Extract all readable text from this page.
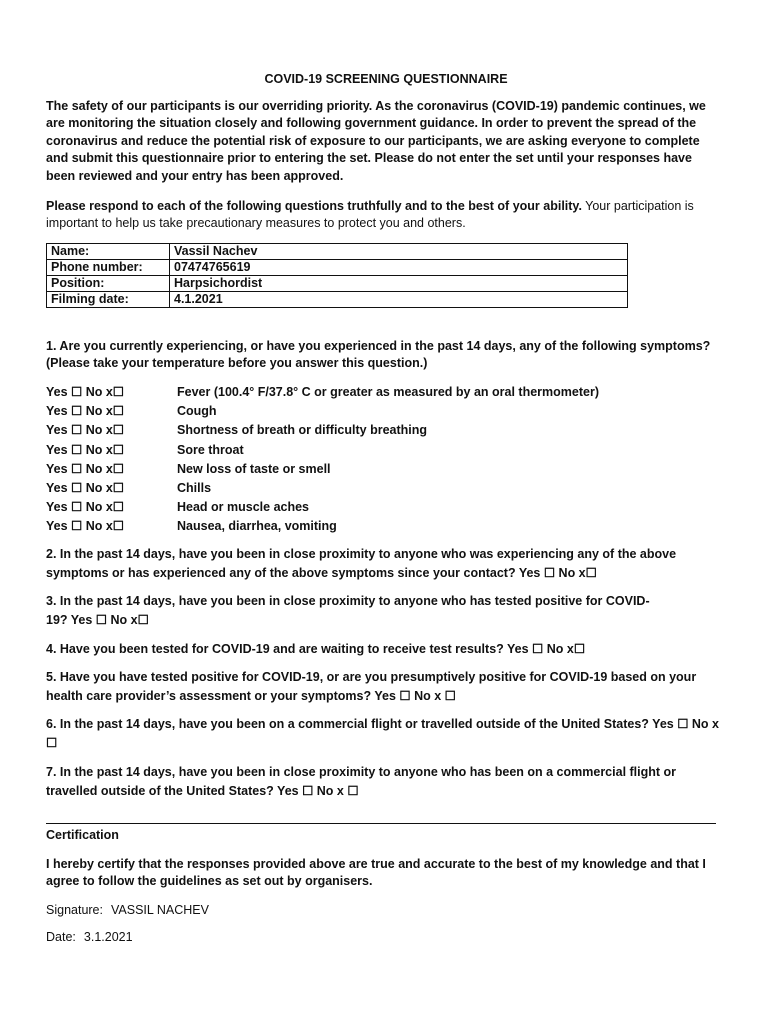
COVID-19 SCREENING QUESTIONNAIRE
The safety of our participants is our overriding priority. As the coronavirus (COVID-19) pandemic continues, we are monitoring the situation closely and following government guidance. In order to prevent the spread of the coronavirus and reduce the potential risk of exposure to our participants, we are asking everyone to complete and submit this questionnaire prior to entering the set. Please do not enter the set until your responses have been reviewed and your entry has been approved.
Please respond to each of the following questions truthfully and to the best of your ability. Your participation is important to help us take precautionary measures to protect you and others.
Name:	Vassil Nachev
Phone number:	07474765619
Position:	Harpsichordist
Filming date:	4.1.2021
1. Are you currently experiencing, or have you experienced in the past 14 days, any of the following symptoms? (Please take your temperature before you answer this question.)
Yes ☐ No x☐	Fever (100.4° F/37.8° C or greater as measured by an oral thermometer)
Yes ☐ No x☐	Cough
Yes ☐ No x☐	Shortness of breath or difficulty breathing
Yes ☐ No x☐	Sore throat
Yes ☐ No x☐	New loss of taste or smell
Yes ☐ No x☐	Chills
Yes ☐ No x☐	Head or muscle aches
Yes ☐ No x☐	Nausea, diarrhea, vomiting
2. In the past 14 days, have you been in close proximity to anyone who was experiencing any of the above symptoms or has experienced any of the above symptoms since your contact? Yes ☐ No x☐
3. In the past 14 days, have you been in close proximity to anyone who has tested positive for COVID-19? Yes ☐ No x☐
4. Have you been tested for COVID-19 and are waiting to receive test results? Yes ☐ No x☐
5. Have you have tested positive for COVID-19, or are you presumptively positive for COVID-19 based on your health care provider’s assessment or your symptoms? Yes ☐ No x ☐
6. In the past 14 days, have you been on a commercial flight or travelled outside of the United States? Yes ☐ No x ☐
7. In the past 14 days, have you been in close proximity to anyone who has been on a commercial flight or travelled outside of the United States? Yes ☐ No x ☐
Certification
I hereby certify that the responses provided above are true and accurate to the best of my knowledge and that I agree to follow the guidelines as set out by organisers.
Signature: VASSIL NACHEV
Date: 3.1.2021
